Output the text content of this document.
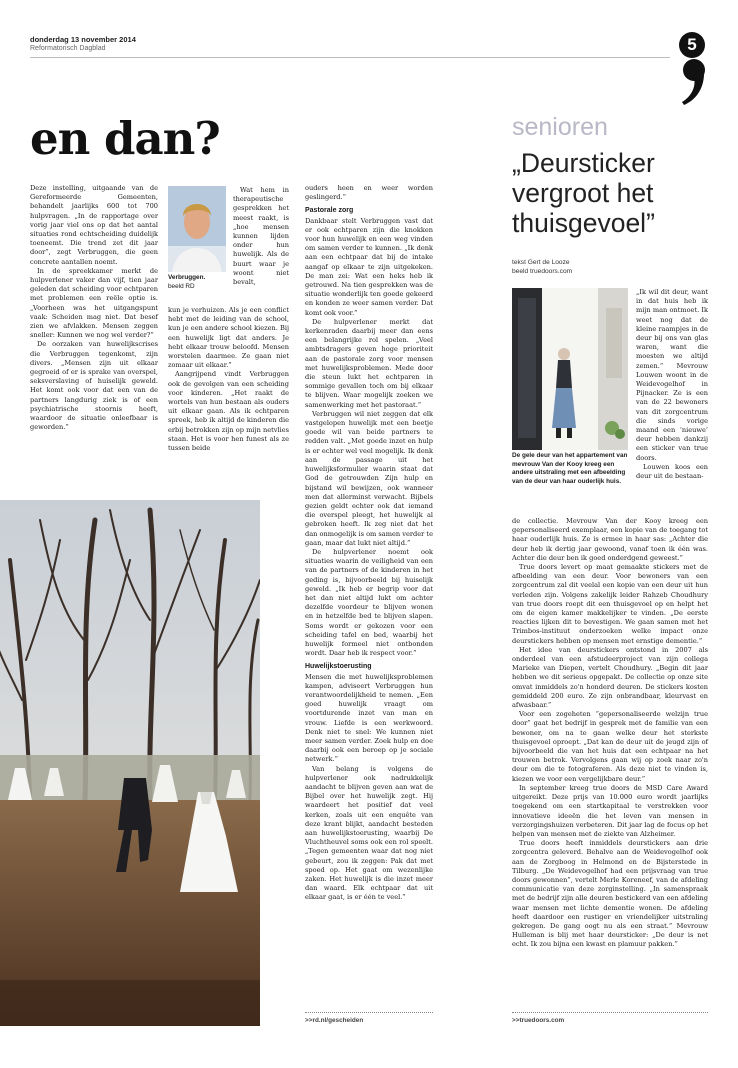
donderdag 13 november 2014
Reformatorisch Dagblad	5
en dan?

Deze instelling, uitgaande van de Gereformeerde Gemeenten, behandelt jaarlijks 600 tot 700 hulpvragen. „In de rapportage over vorig jaar viel ons op dat het aantal situaties rond echtscheiding duidelijk toeneemt. Die trend zet dit jaar door”, zegt Verbruggen, die geen concrete aantallen noemt.

In de spreekkamer merkt de hulpverlener vaker dan vijf, tien jaar geleden dat scheiding voor echtparen met problemen een reële optie is. „Voorheen was het uitgangspunt vaak: Scheiden mag niet. Dat besef zien we afvlakken. Mensen zeggen sneller: Kunnen we nog wel verder?”

De oorzaken van huwelijkscrises die Verbruggen tegenkomt, zijn divers. „Mensen zijn uit elkaar gegroeid of er is sprake van overspel, seksverslaving of huiselijk geweld. Het komt ook voor dat een van de partners langdurig ziek is of een psychiatrische stoornis heeft, waardoor de situatie onleefbaar is geworden.”

Verbruggen.
beeld RD

Wat hem in therapeutische gesprekken het meest raakt, is „hoe mensen kunnen lijden onder hun huwelijk. Als de buurt waar je woont niet bevalt,

kun je verhuizen. Als je een conflict hebt met de leiding van de school, kun je een andere school kiezen. Bij een huwelijk ligt dat anders. Je hebt elkaar trouw beloofd. Mensen worstelen daarmee. Ze gaan niet zomaar uit elkaar.”

Aangrijpend vindt Verbruggen ook de gevolgen van een scheiding voor kinderen. „Het raakt de wortels van hun bestaan als ouders uit elkaar gaan. Als ik echtparen spreek, heb ik altijd de kinderen die erbij betrokken zijn op mijn netvlies staan. Het is voor hen funest als ze tussen beide

ouders heen en weer worden geslingerd.”

Pastorale zorg

Dankbaar stelt Verbruggen vast dat er ook echtparen zijn die knokken voor hun huwelijk en een weg vinden om samen verder te kunnen. „Ik denk aan een echtpaar dat bij de intake aangaf op elkaar te zijn uitgekeken. De man zei: Wat een heks heb ik getrouwd. Na tien gesprekken was de situatie wonderlijk ten goede gekeerd en konden ze weer samen verder. Dat komt ook voor.”

De hulpverlener merkt dat kerkenraden daarbij meer dan eens een belangrijke rol spelen. „Veel ambtsdragers geven hoge prioriteit aan de pastorale zorg voor mensen met huwelijksproblemen. Mede door die steun lukt het echtparen in sommige gevallen toch om bij elkaar te blijven. Waar mogelijk zoeken we samenwerking met het pastoraat.”

Verbruggen wil niet zeggen dat elk vastgelopen huwelijk met een beetje goede wil van beide partners te redden valt. „Met goede inzet en hulp is er echter wel veel mogelijk. Ik denk aan de passage uit het huwelijksformulier waarin staat dat God de getrouwden Zijn hulp en bijstand wil bewijzen, ook wanneer men dat allerminst verwacht. Bijbels gezien geldt echter ook dat iemand die overspel pleegt, het huwelijk al gebroken heeft. Ik zeg niet dat het dan onmogelijk is om samen verder te gaan, maar dat lukt niet altijd.”

De hulpverlener noemt ook situaties waarin de veiligheid van een van de partners of de kinderen in het geding is, bijvoorbeeld bij huiselijk geweld. „Ik heb er begrip voor dat het dan niet altijd lukt om achter dezelfde voordeur te blijven wonen en in hetzelfde bed te blijven slapen. Soms wordt er gekozen voor een scheiding tafel en bed, waarbij het huwelijk formeel niet ontbonden wordt. Daar heb ik respect voor.”

Huwelijkstoerusting

Mensen die met huwelijksproblemen kampen, adviseert Verbruggen hun verantwoordelijkheid te nemen. „Een goed huwelijk vraagt om voortdurende inzet van man en vrouw. Liefde is een werkwoord. Denk niet te snel: We kunnen niet meer samen verder. Zoek hulp en doe daarbij ook een beroep op je sociale netwerk.”

Van belang is volgens de hulpverlener ook nadrukkelijk aandacht te blijven geven aan wat de Bijbel over het huwelijk zegt. Hij waardeert het positief dat veel kerken, zoals uit een enquête van deze krant blijkt, aandacht besteden aan huwelijkstoerusting, waarbij De Vluchtheuvel soms ook een rol speelt. „Tegen gemeenten waar dat nog niet gebeurt, zou ik zeggen: Pak dat met spoed op. Het gaat om wezenlijke zaken. Het huwelijk is die inzet meer dan waard. Elk echtpaar dat uit elkaar gaat, is er één te veel.”

>>rd.nl/gescheiden
senioren
„Deursticker vergroot het thuisgevoel”
tekst Gert de Looze
beeld truedoors.com
De gele deur van het appartement van mevrouw Van der Kooy kreeg een andere uitstraling met een afbeelding van de deur van haar ouderlijk huis.

„Ik wil dit deur, want in dat huis heb ik mijn man ontmoet. Ik weet nog dat de kleine raampjes in de deur bij ons van glas waren, want die moesten we altijd zemen.” Mevrouw Louwen woont in de Weidevogelhof in Pijnacker. Ze is een van de 22 bewoners van dit zorgcentrum die sinds vorige maand een ‘nieuwe’ deur hebben dankzij een sticker van true doors.

Louwen koos een deur uit de bestaan-

de collectie. Mevrouw Van der Kooy kreeg een gepersonaliseerd exemplaar, een kopie van de toegang tot haar ouderlijk huis. Ze is ermee in haar sas: „Achter die deur heb ik dertig jaar gewoond, vanaf toen ik één was. Achter die deur ben ik goed onderdgend geweest.”

True doors levert op maat gemaakte stickers met de afbeelding van een deur. Voor bewoners van een zorgcentrum zal dit veelal een kopie van een deur uit hun verleden zijn. Volgens zakelijk leider Rahzeb Choudhury van true doors roept dit een thuisgevoel op en helpt het om de eigen kamer makkelijker te vinden. „De eerste reacties lijken dit te bevestigen. We gaan samen met het Trimbos-instituut onderzoeken welke impact onze deurstickers hebben op mensen met ernstige dementie.”

Het idee van deurstickers ontstond in 2007 als onderdeel van een afstudeerproject van zijn collega Marieke van Diepen, vertelt Choudhury. „Begin dit jaar hebben we dit serieus opgepakt. De collectie op onze site omvat inmiddels zo'n honderd deuren. De stickers kosten gemiddeld 200 euro. Ze zijn onbrandbaar, kleurvast en afwasbaar.”

Voor een zogeheten “gepersonaliseerde welzijn true door” gaat het bedrijf in gesprek met de familie van een bewoner, om na te gaan welke deur het sterkste thuisgevoel oproept. „Dat kan de deur uit de jeugd zijn of bijvoorbeeld die van het huis dat een echtpaar na het trouwen betrok. Vervolgens gaan wij op zoek naar zo'n deur om die te fotograferen. Als deze niet te vinden is, kiezen we voor een vergelijkbare deur.”

In september kreeg true doors de MSD Care Award uitgereikt. Deze prijs van 10.000 euro wordt jaarlijks toegekend om een startkapitaal te verstrekken voor innovatieve ideeën die het leven van mensen in verzorgingshuizen verbeteren. Dit jaar lag de focus op het helpen van mensen met de ziekte van Alzheimer.

True doors heeft inmiddels deurstickers aan drie zorgcentra geleverd. Behalve aan de Weidevogelhof ook aan de Zorgboog in Helmond en de Bijsterstede in Tilburg. „De Weidevogelhof had een prijsvraag van true doors gewonnen”, vertelt Merle Koreneef, van de afdeling communicatie van deze zorginstelling. „In samenspraak met de bedrijf zijn alle deuren bestickerd van een afdeling waar mensen met lichte dementie wonen. De afdeling heeft daardoor een rustiger en vriendelijker uitstraling gekregen. De gang oogt nu als een straat.” Mevrouw Hulleman is blij met haar deursticker: „De deur is net echt. Ik zou bijna een kwast en plamuur pakken.”

>>truedoors.com
